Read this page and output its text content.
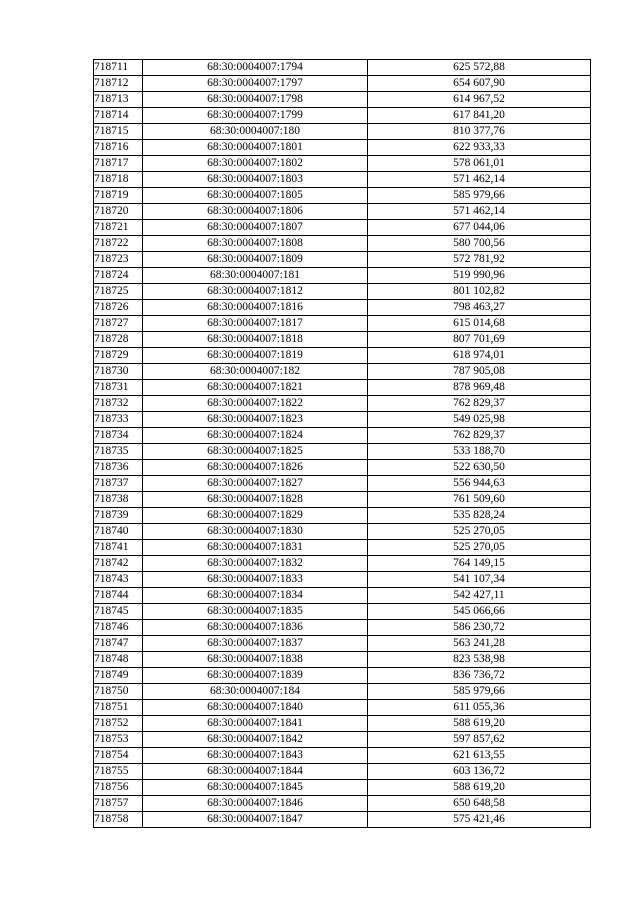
718711	68:30:0004007:1794	625 572,88
718712	68:30:0004007:1797	654 607,90
718713	68:30:0004007:1798	614 967,52
718714	68:30:0004007:1799	617 841,20
718715	68:30:0004007:180	810 377,76
718716	68:30:0004007:1801	622 933,33
718717	68:30:0004007:1802	578 061,01
718718	68:30:0004007:1803	571 462,14
718719	68:30:0004007:1805	585 979,66
718720	68:30:0004007:1806	571 462,14
718721	68:30:0004007:1807	677 044,06
718722	68:30:0004007:1808	580 700,56
718723	68:30:0004007:1809	572 781,92
718724	68:30:0004007:181	519 990,96
718725	68:30:0004007:1812	801 102,82
718726	68:30:0004007:1816	798 463,27
718727	68:30:0004007:1817	615 014,68
718728	68:30:0004007:1818	807 701,69
718729	68:30:0004007:1819	618 974,01
718730	68:30:0004007:182	787 905,08
718731	68:30:0004007:1821	878 969,48
718732	68:30:0004007:1822	762 829,37
718733	68:30:0004007:1823	549 025,98
718734	68:30:0004007:1824	762 829,37
718735	68:30:0004007:1825	533 188,70
718736	68:30:0004007:1826	522 630,50
718737	68:30:0004007:1827	556 944,63
718738	68:30:0004007:1828	761 509,60
718739	68:30:0004007:1829	535 828,24
718740	68:30:0004007:1830	525 270,05
718741	68:30:0004007:1831	525 270,05
718742	68:30:0004007:1832	764 149,15
718743	68:30:0004007:1833	541 107,34
718744	68:30:0004007:1834	542 427,11
718745	68:30:0004007:1835	545 066,66
718746	68:30:0004007:1836	586 230,72
718747	68:30:0004007:1837	563 241,28
718748	68:30:0004007:1838	823 538,98
718749	68:30:0004007:1839	836 736,72
718750	68:30:0004007:184	585 979,66
718751	68:30:0004007:1840	611 055,36
718752	68:30:0004007:1841	588 619,20
718753	68:30:0004007:1842	597 857,62
718754	68:30:0004007:1843	621 613,55
718755	68:30:0004007:1844	603 136,72
718756	68:30:0004007:1845	588 619,20
718757	68:30:0004007:1846	650 648,58
718758	68:30:0004007:1847	575 421,46
